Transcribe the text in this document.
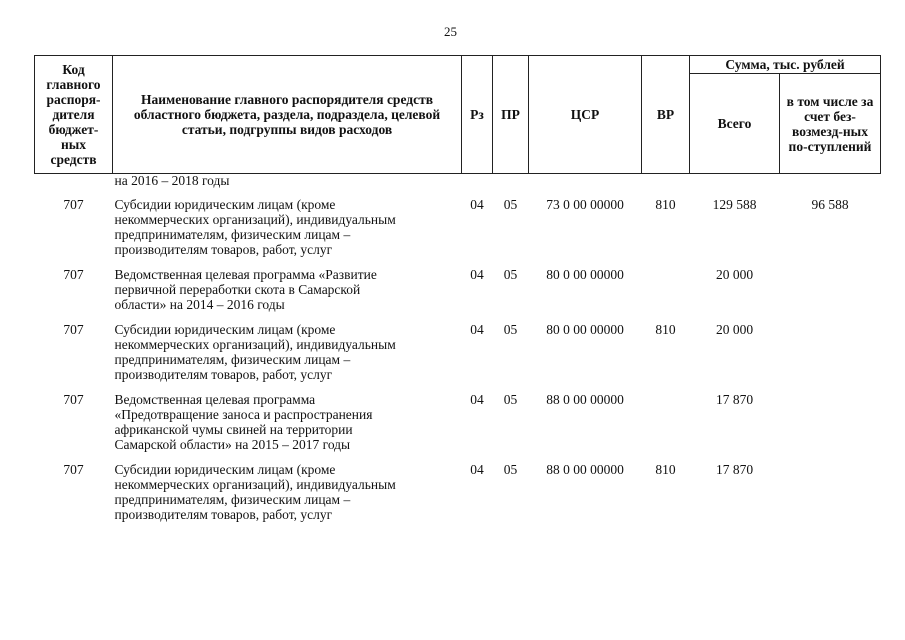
25
Код главного распоря-дителя бюджет-ных средств	Наименование главного распорядителя средств областного бюджета, раздела, подраздела, целевой статьи, подгруппы видов расходов	Рз	ПР	ЦСР	ВР	Сумма, тыс. рублей	
						Всего	в том числе за счет без-возмезд-ных по-ступлений
	на 2016 – 2018 годы						
707	Субсидии юридическим лицам (кроме
некоммерческих организаций), индивидуальным
предпринимателям, физическим лицам –
производителям товаров, работ, услуг	04	05	73 0 00 00000	810	129 588	96 588
707	Ведомственная целевая программа «Развитие
первичной переработки скота в Самарской
области» на 2014 – 2016 годы	04	05	80 0 00 00000		20 000	
707	Субсидии юридическим лицам (кроме
некоммерческих организаций), индивидуальным
предпринимателям, физическим лицам –
производителям товаров, работ, услуг	04	05	80 0 00 00000	810	20 000	
707	Ведомственная целевая программа
«Предотвращение заноса и распространения
африканской чумы свиней на территории
Самарской области» на 2015 – 2017 годы	04	05	88 0 00 00000		17 870	
707	Субсидии юридическим лицам (кроме
некоммерческих организаций), индивидуальным
предпринимателям, физическим лицам –
производителям товаров, работ, услуг	04	05	88 0 00 00000	810	17 870	
